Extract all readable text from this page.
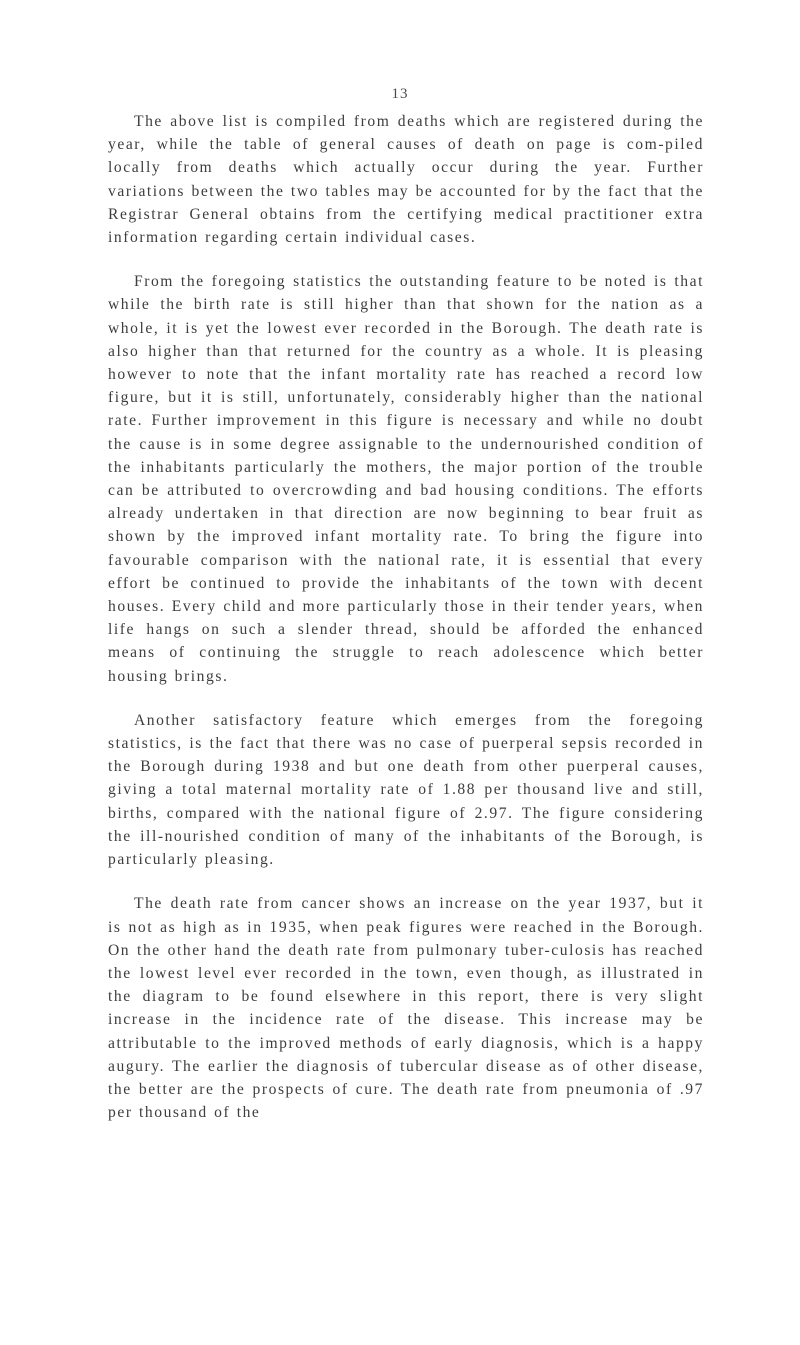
13

The above list is compiled from deaths which are registered during the year, while the table of general causes of death on page is com-piled locally from deaths which actually occur during the year. Further variations between the two tables may be accounted for by the fact that the Registrar General obtains from the certifying medical practitioner extra information regarding certain individual cases.

From the foregoing statistics the outstanding feature to be noted is that while the birth rate is still higher than that shown for the nation as a whole, it is yet the lowest ever recorded in the Borough. The death rate is also higher than that returned for the country as a whole. It is pleasing however to note that the infant mortality rate has reached a record low figure, but it is still, unfortunately, considerably higher than the national rate. Further improvement in this figure is necessary and while no doubt the cause is in some degree assignable to the undernourished condition of the inhabitants particularly the mothers, the major portion of the trouble can be attributed to overcrowding and bad housing conditions. The efforts already undertaken in that direction are now beginning to bear fruit as shown by the improved infant mortality rate. To bring the figure into favourable comparison with the national rate, it is essential that every effort be continued to provide the inhabitants of the town with decent houses. Every child and more particularly those in their tender years, when life hangs on such a slender thread, should be afforded the enhanced means of continuing the struggle to reach adolescence which better housing brings.

Another satisfactory feature which emerges from the foregoing statistics, is the fact that there was no case of puerperal sepsis recorded in the Borough during 1938 and but one death from other puerperal causes, giving a total maternal mortality rate of 1.88 per thousand live and still, births, compared with the national figure of 2.97. The figure considering the ill-nourished condition of many of the inhabitants of the Borough, is particularly pleasing.

The death rate from cancer shows an increase on the year 1937, but it is not as high as in 1935, when peak figures were reached in the Borough. On the other hand the death rate from pulmonary tuber-culosis has reached the lowest level ever recorded in the town, even though, as illustrated in the diagram to be found elsewhere in this report, there is very slight increase in the incidence rate of the disease. This increase may be attributable to the improved methods of early diagnosis, which is a happy augury. The earlier the diagnosis of tubercular disease as of other disease, the better are the prospects of cure. The death rate from pneumonia of .97 per thousand of the
